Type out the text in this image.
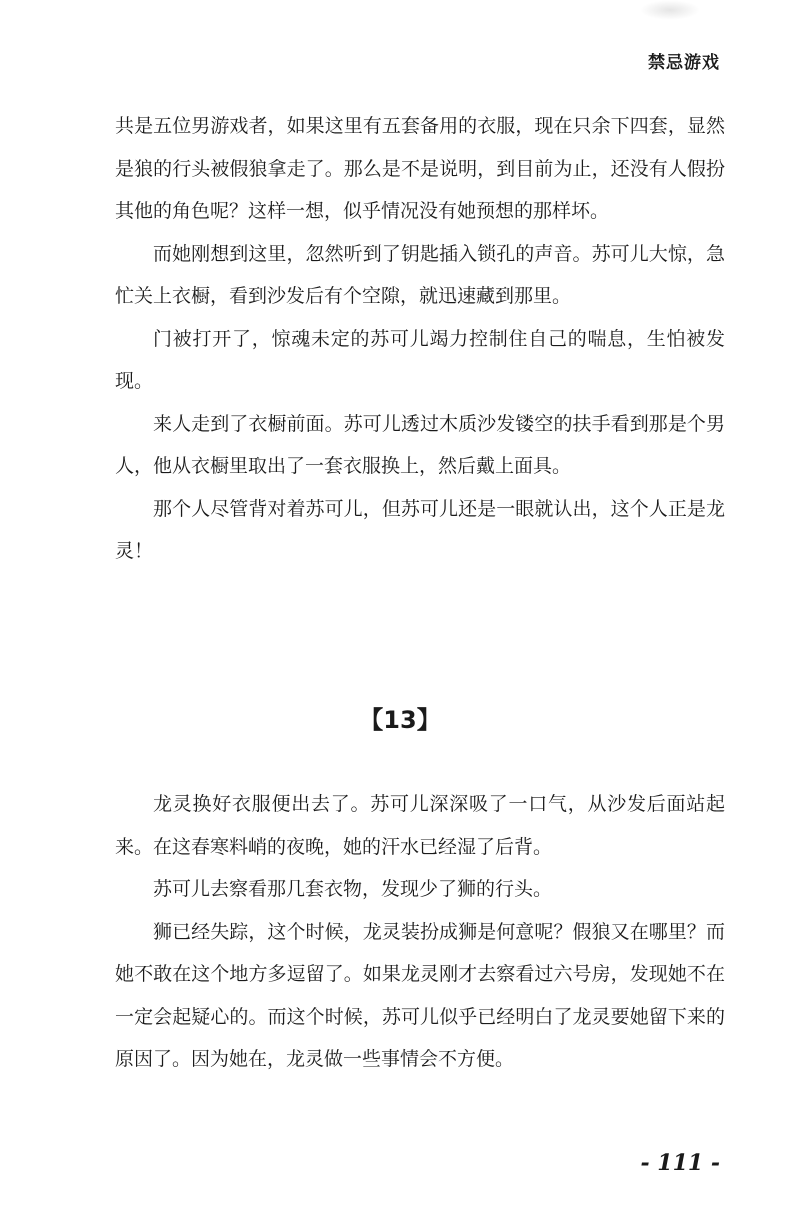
禁忌游戏

共是五位男游戏者，如果这里有五套备用的衣服，现在只余下四套，显然是狼的行头被假狼拿走了。那么是不是说明，到目前为止，还没有人假扮其他的角色呢？这样一想，似乎情况没有她预想的那样坏。

而她刚想到这里，忽然听到了钥匙插入锁孔的声音。苏可儿大惊，急忙关上衣橱，看到沙发后有个空隙，就迅速藏到那里。

门被打开了，惊魂未定的苏可儿竭力控制住自己的喘息，生怕被发现。

来人走到了衣橱前面。苏可儿透过木质沙发镂空的扶手看到那是个男人，他从衣橱里取出了一套衣服换上，然后戴上面具。

那个人尽管背对着苏可儿，但苏可儿还是一眼就认出，这个人正是龙灵！

【13】

龙灵换好衣服便出去了。苏可儿深深吸了一口气，从沙发后面站起来。在这春寒料峭的夜晚，她的汗水已经湿了后背。

苏可儿去察看那几套衣物，发现少了狮的行头。

狮已经失踪，这个时候，龙灵装扮成狮是何意呢？假狼又在哪里？而她不敢在这个地方多逗留了。如果龙灵刚才去察看过六号房，发现她不在一定会起疑心的。而这个时候，苏可儿似乎已经明白了龙灵要她留下来的原因了。因为她在，龙灵做一些事情会不方便。

- 111 -
